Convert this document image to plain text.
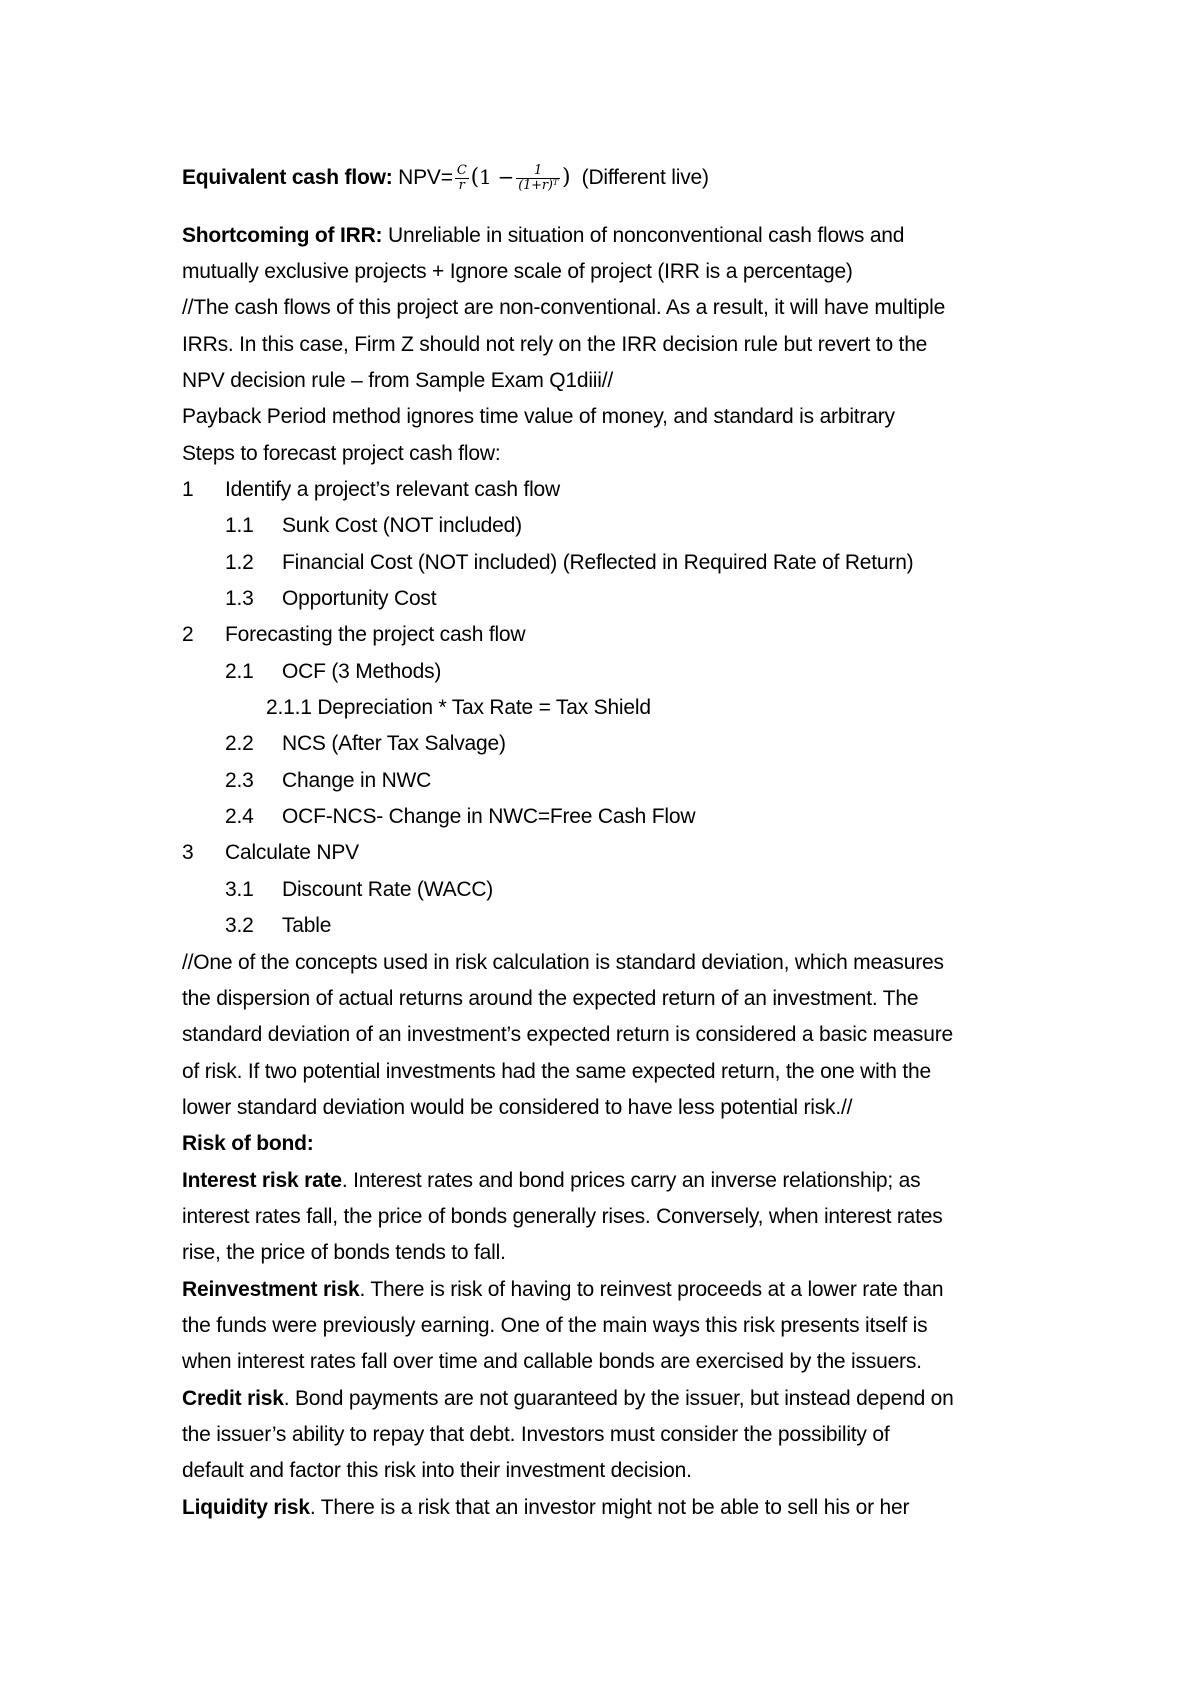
Equivalent cash flow: $NPV= \frac{C}{r} (1 - \frac{1}{\text{(1+r)ᵀ}}$ ) (Different live)
Shortcoming of IRR: Unreliable in situation of nonconventional cash flows and
mutually exclusive projects + Ignore scale of project (IRR is a percentage)
//The cash flows of this project are non-conventional. As a result, it will have multiple
IRRs. In this case, Firm Z should not rely on the IRR decision rule but revert to the
NPV decision rule – from Sample Exam Q1diii//
Payback Period method ignores time value of money, and standard is arbitrary
Steps to forecast project cash flow:
1 Identify a project’s relevant cash flow
1.1 Sunk Cost (NOT included)
1.2 Financial Cost (NOT included) (Reflected in Required Rate of Return)
1.3 Opportunity Cost
2 Forecasting the project cash flow
2.1 OCF (3 Methods)
2.1.1 Depreciation * Tax Rate = Tax Shield
2.2 NCS (After Tax Salvage)
2.3 Change in NWC
2.4 OCF-NCS- Change in NWC=Free Cash Flow
3 Calculate NPV
3.1 Discount Rate (WACC)
3.2 Table
//One of the concepts used in risk calculation is standard deviation, which measures
the dispersion of actual returns around the expected return of an investment. The
standard deviation of an investment’s expected return is considered a basic measure
of risk. If two potential investments had the same expected return, the one with the
lower standard deviation would be considered to have less potential risk.//
Risk of bond:
Interest risk rate. Interest rates and bond prices carry an inverse relationship; as
interest rates fall, the price of bonds generally rises. Conversely, when interest rates
rise, the price of bonds tends to fall.
Reinvestment risk. There is risk of having to reinvest proceeds at a lower rate than
the funds were previously earning. One of the main ways this risk presents itself is
when interest rates fall over time and callable bonds are exercised by the issuers.
Credit risk. Bond payments are not guaranteed by the issuer, but instead depend on
the issuer’s ability to repay that debt. Investors must consider the possibility of
default and factor this risk into their investment decision.
Liquidity risk. There is a risk that an investor might not be able to sell his or her
